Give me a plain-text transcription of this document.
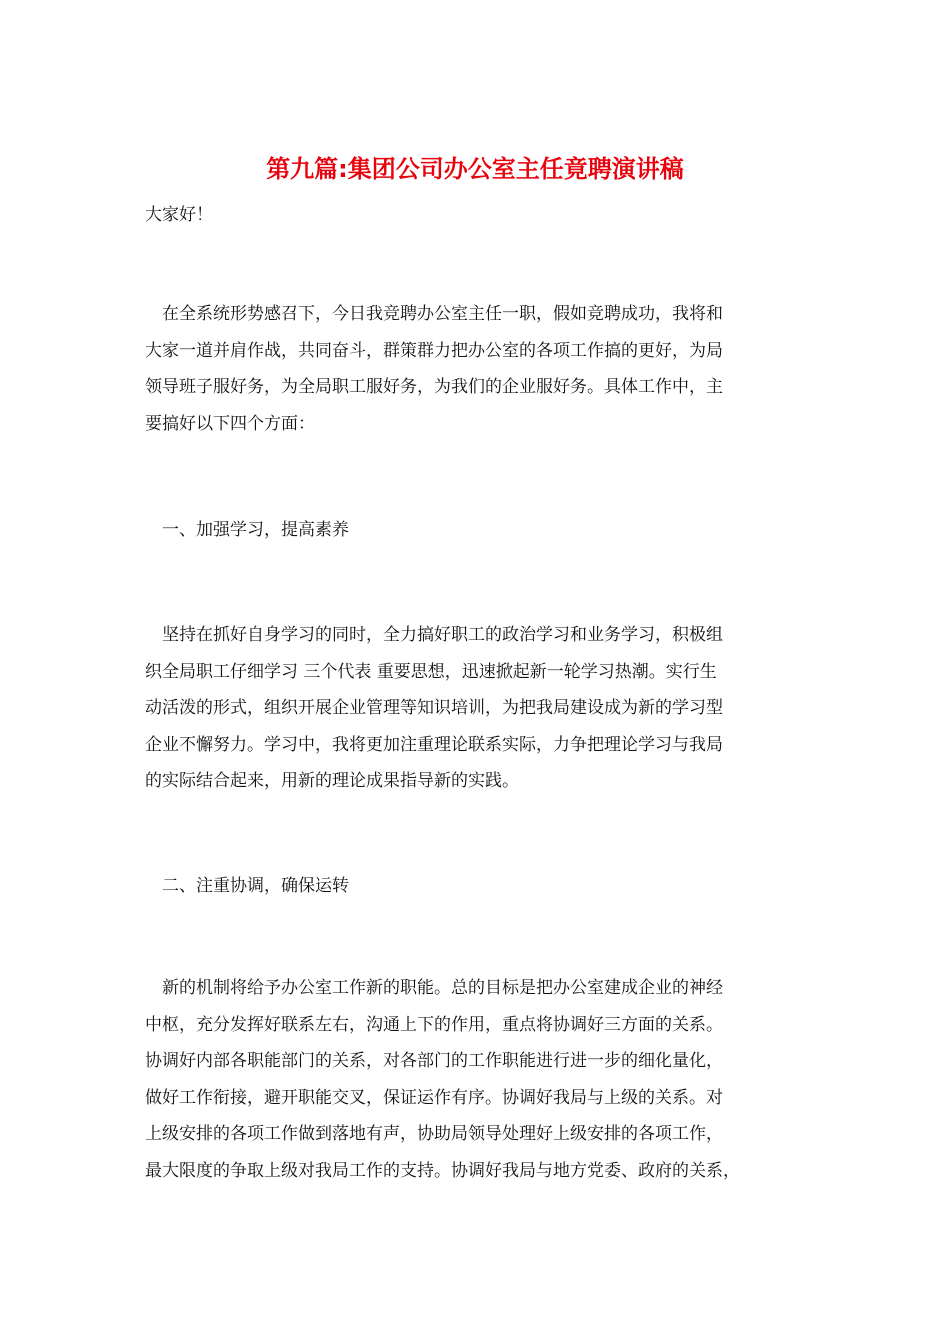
第九篇:集团公司办公室主任竟聘演讲稿

大家好！

　在全系统形势感召下，今日我竞聘办公室主任一职，假如竞聘成功，我将和
大家一道并肩作战，共同奋斗，群策群力把办公室的各项工作搞的更好，为局
领导班子服好务，为全局职工服好务，为我们的企业服好务。具体工作中，主
要搞好以下四个方面：

　一、加强学习，提高素养

　坚持在抓好自身学习的同时，全力搞好职工的政治学习和业务学习，积极组
织全局职工仔细学习 三个代表 重要思想，迅速掀起新一轮学习热潮。实行生
动活泼的形式，组织开展企业管理等知识培训，为把我局建设成为新的学习型
企业不懈努力。学习中，我将更加注重理论联系实际，力争把理论学习与我局
的实际结合起来，用新的理论成果指导新的实践。

　二、注重协调，确保运转

　新的机制将给予办公室工作新的职能。总的目标是把办公室建成企业的神经
中枢，充分发挥好联系左右，沟通上下的作用，重点将协调好三方面的关系。
协调好内部各职能部门的关系，对各部门的工作职能进行进一步的细化量化，
做好工作衔接，避开职能交叉，保证运作有序。协调好我局与上级的关系。对
上级安排的各项工作做到落地有声，协助局领导处理好上级安排的各项工作，
最大限度的争取上级对我局工作的支持。协调好我局与地方党委、政府的关系，
